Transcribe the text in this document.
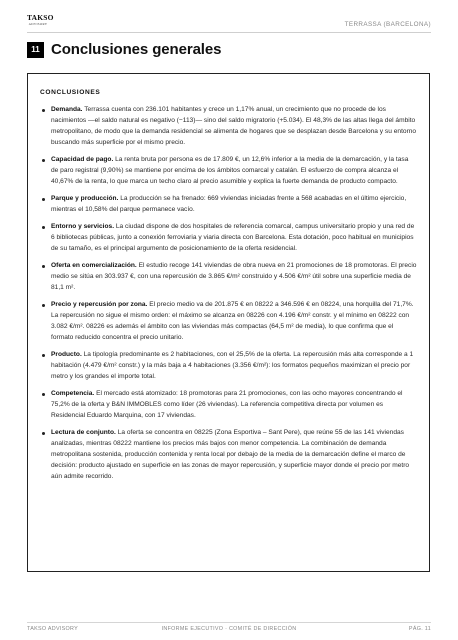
TAKSO
ADVISORY	TERRASSA (BARCELONA)
11 Conclusiones generales
CONCLUSIONES
Demanda. Terrassa cuenta con 236.101 habitantes y crece un 1,17% anual, un crecimiento que no procede de los nacimientos —el saldo natural es negativo (−113)— sino del saldo migratorio (+5.034). El 48,3% de las altas llega del ámbito metropolitano, de modo que la demanda residencial se alimenta de hogares que se desplazan desde Barcelona y su entorno buscando más superficie por el mismo precio.
Capacidad de pago. La renta bruta por persona es de 17.809 €, un 12,6% inferior a la media de la demarcación, y la tasa de paro registral (9,90%) se mantiene por encima de los ámbitos comarcal y catalán. El esfuerzo de compra alcanza el 40,67% de la renta, lo que marca un techo claro al precio asumible y explica la fuerte demanda de producto compacto.
Parque y producción. La producción se ha frenado: 669 viviendas iniciadas frente a 568 acabadas en el último ejercicio, mientras el 10,58% del parque permanece vacío.
Entorno y servicios. La ciudad dispone de dos hospitales de referencia comarcal, campus universitario propio y una red de 6 bibliotecas públicas, junto a conexión ferroviaria y viaria directa con Barcelona. Esta dotación, poco habitual en municipios de su tamaño, es el principal argumento de posicionamiento de la oferta residencial.
Oferta en comercialización. El estudio recoge 141 viviendas de obra nueva en 21 promociones de 18 promotoras. El precio medio se sitúa en 303.937 €, con una repercusión de 3.865 €/m² construido y 4.506 €/m² útil sobre una superficie media de 81,1 m².
Precio y repercusión por zona. El precio medio va de 201.875 € en 08222 a 346.596 € en 08224, una horquilla del 71,7%. La repercusión no sigue el mismo orden: el máximo se alcanza en 08226 con 4.196 €/m² constr. y el mínimo en 08222 con 3.082 €/m². 08226 es además el ámbito con las viviendas más compactas (64,5 m² de media), lo que confirma que el formato reducido concentra el precio unitario.
Producto. La tipología predominante es 2 habitaciones, con el 25,5% de la oferta. La repercusión más alta corresponde a 1 habitación (4.479 €/m² constr.) y la más baja a 4 habitaciones (3.356 €/m²): los formatos pequeños maximizan el precio por metro y los grandes el importe total.
Competencia. El mercado está atomizado: 18 promotoras para 21 promociones, con las ocho mayores concentrando el 75,2% de la oferta y B&N IMMOBLES como líder (26 viviendas). La referencia competitiva directa por volumen es Residencial Eduardo Marquina, con 17 viviendas.
Lectura de conjunto. La oferta se concentra en 08225 (Zona Esportiva – Sant Pere), que reúne 55 de las 141 viviendas analizadas, mientras 08222 mantiene los precios más bajos con menor competencia. La combinación de demanda metropolitana sostenida, producción contenida y renta local por debajo de la media de la demarcación define el marco de decisión: producto ajustado en superficie en las zonas de mayor repercusión, y superficie mayor donde el precio por metro aún admite recorrido.
TAKSO ADVISORY	INFORME EJECUTIVO · COMITÉ DE DIRECCIÓN	PÁG. 11
